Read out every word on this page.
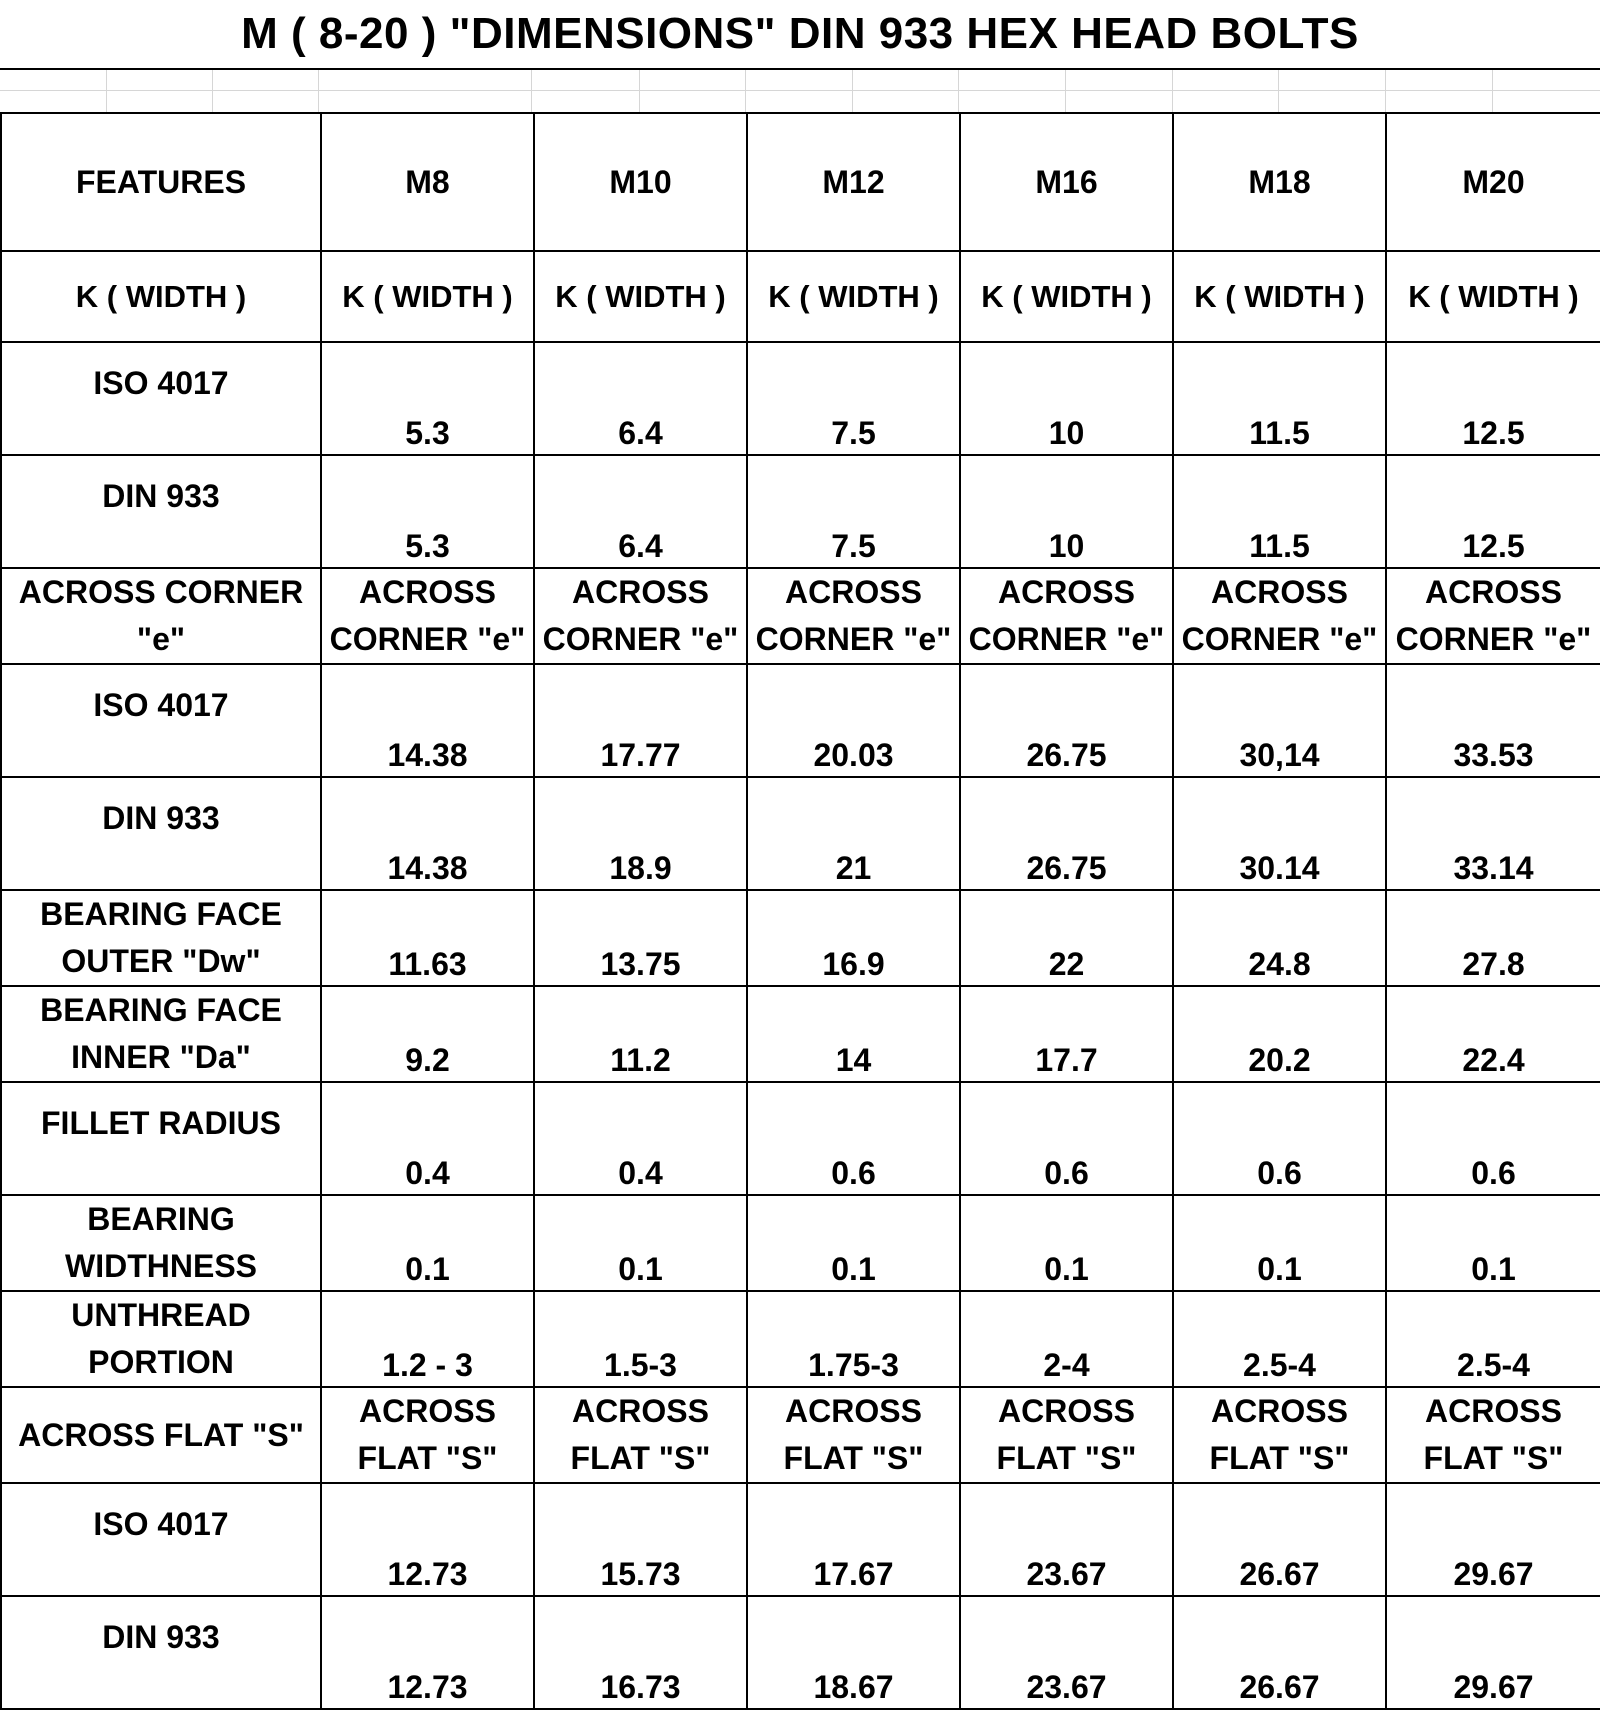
M ( 8-20 ) "DIMENSIONS" DIN 933 HEX HEAD BOLTS
FEATURES	M8	M10	M12	M16	M18	M20
K ( WIDTH )	K ( WIDTH )	K ( WIDTH )	K ( WIDTH )	K ( WIDTH )	K ( WIDTH )	K ( WIDTH )
ISO 4017	5.3	6.4	7.5	10	11.5	12.5
DIN 933	5.3	6.4	7.5	10	11.5	12.5
ACROSS CORNER "e"	ACROSS CORNER "e"	ACROSS CORNER "e"	ACROSS CORNER "e"	ACROSS CORNER "e"	ACROSS CORNER "e"	ACROSS CORNER "e"
ISO 4017	14.38	17.77	20.03	26.75	30,14	33.53
DIN 933	14.38	18.9	21	26.75	30.14	33.14
BEARING FACE OUTER "Dw"	11.63	13.75	16.9	22	24.8	27.8
BEARING FACE INNER "Da"	9.2	11.2	14	17.7	20.2	22.4
FILLET RADIUS	0.4	0.4	0.6	0.6	0.6	0.6
BEARING WIDTHNESS	0.1	0.1	0.1	0.1	0.1	0.1
UNTHREAD PORTION	1.2 - 3	1.5-3	1.75-3	2-4	2.5-4	2.5-4
ACROSS FLAT "S"	ACROSS FLAT "S"	ACROSS FLAT "S"	ACROSS FLAT "S"	ACROSS FLAT "S"	ACROSS FLAT "S"	ACROSS FLAT "S"
ISO 4017	12.73	15.73	17.67	23.67	26.67	29.67
DIN 933	12.73	16.73	18.67	23.67	26.67	29.67
